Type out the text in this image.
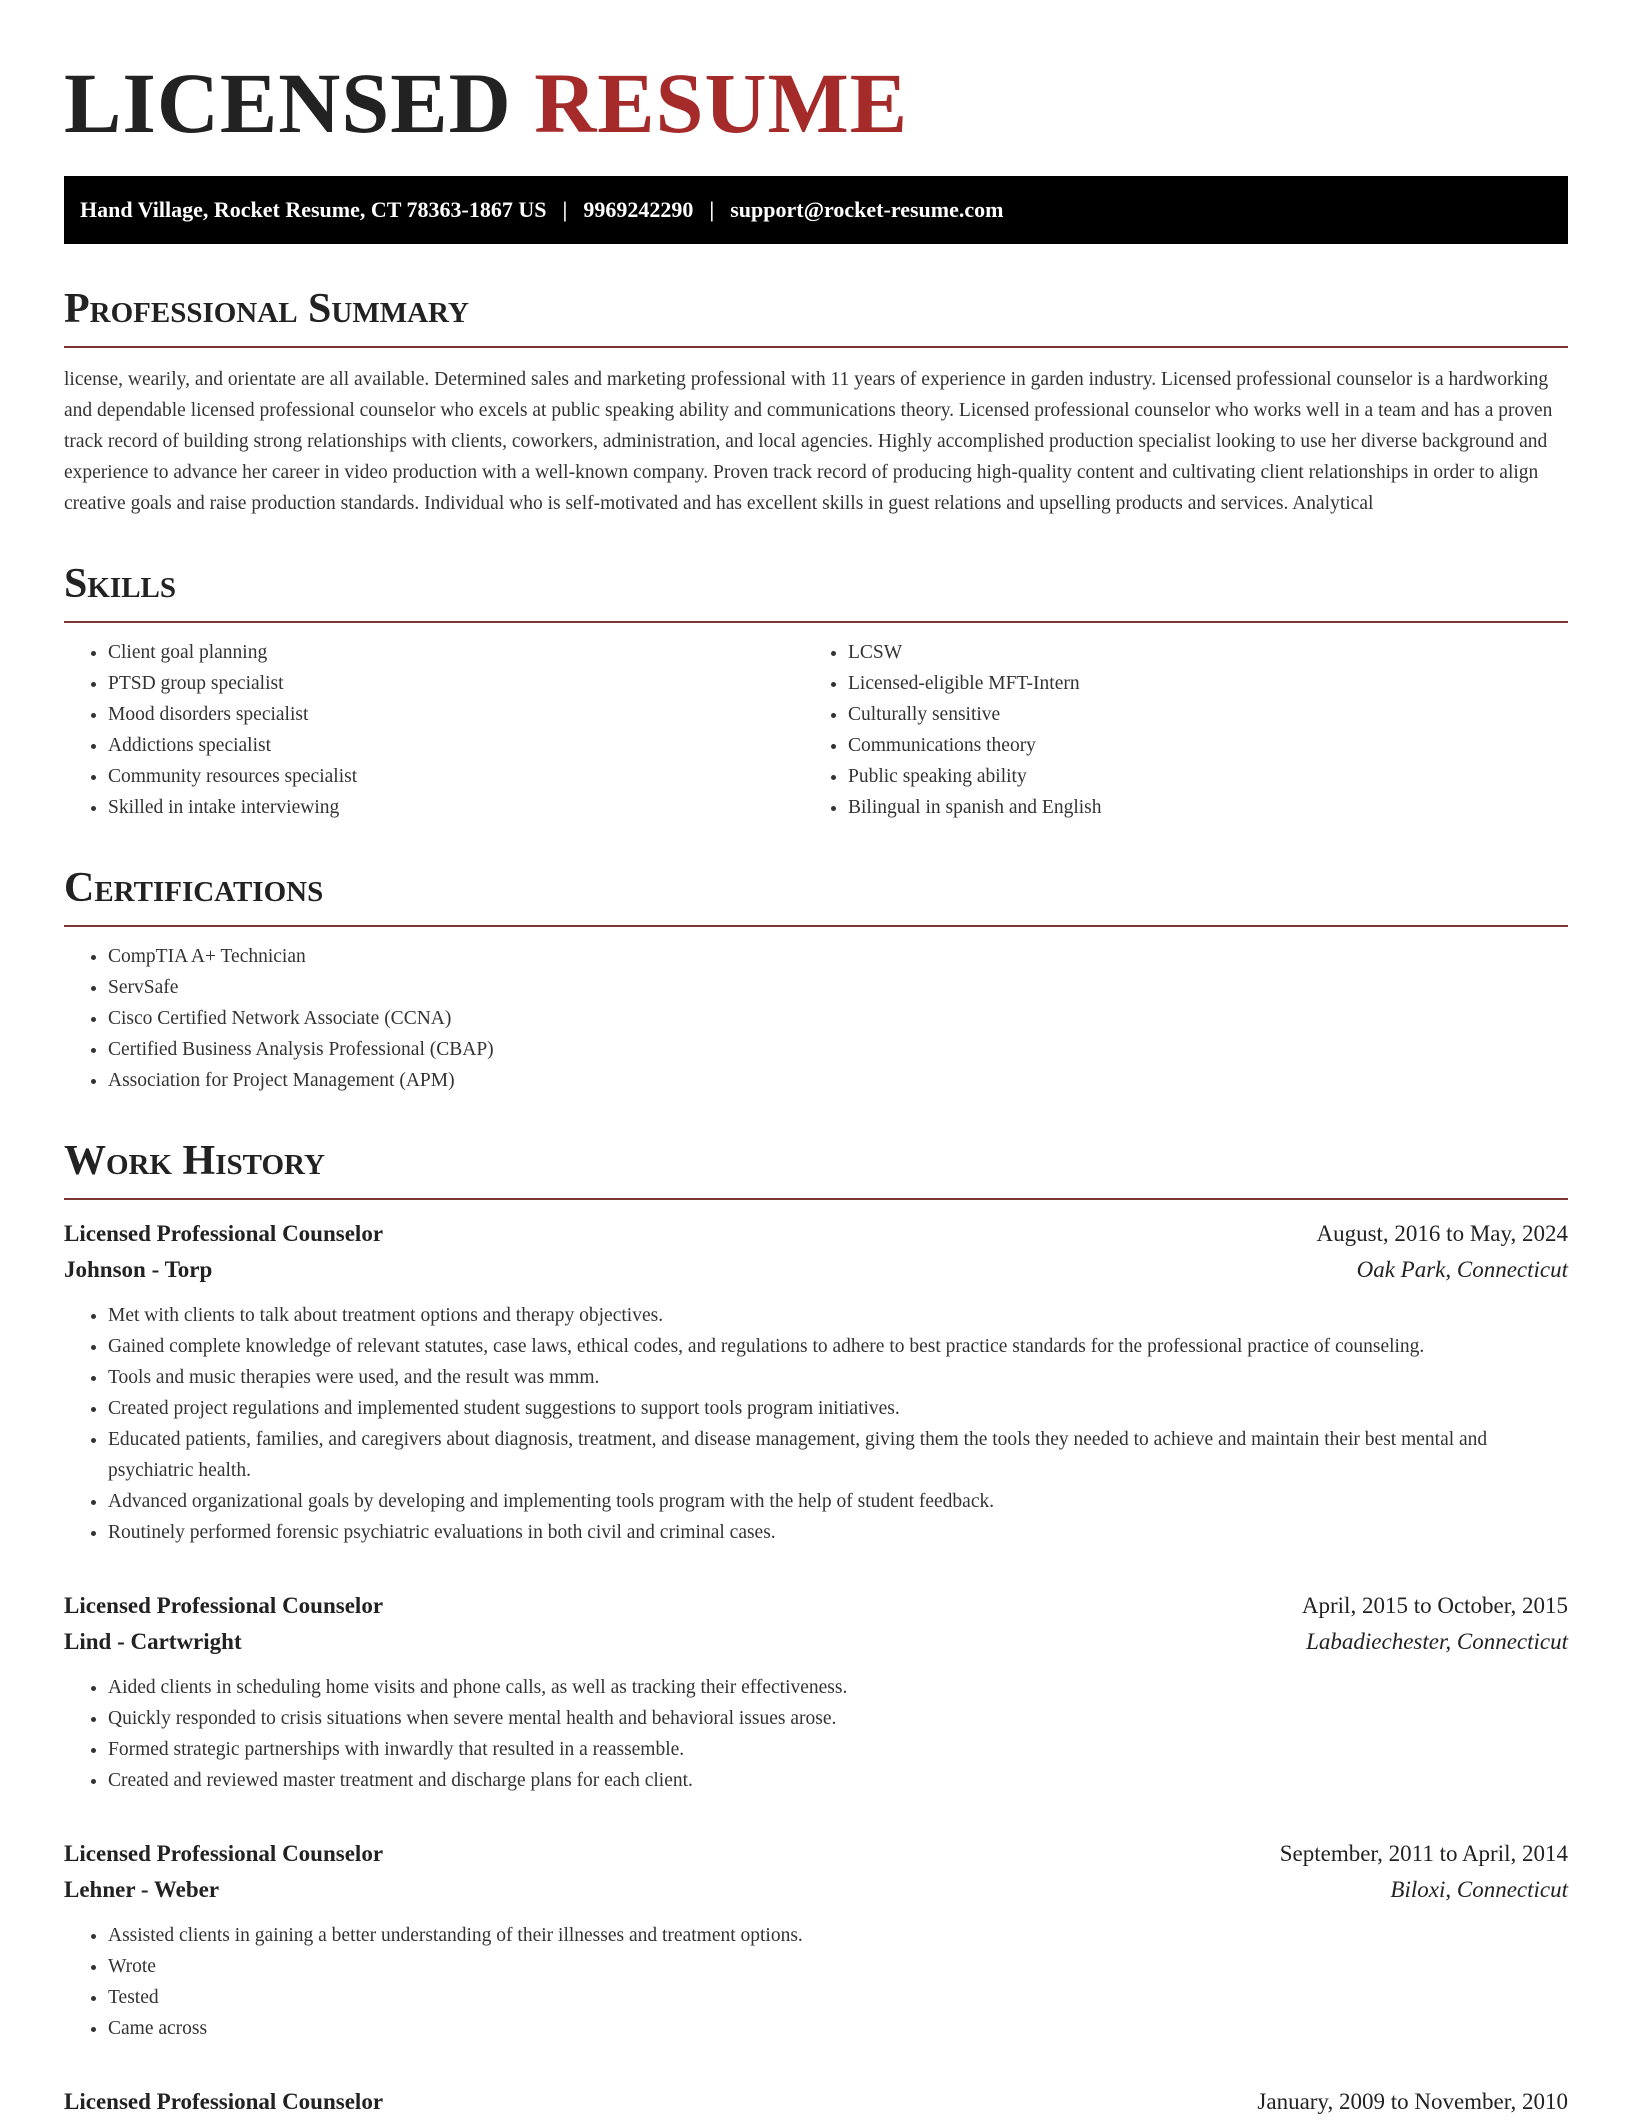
LICENSED RESUME
Hand Village, Rocket Resume, CT 78363-1867 US | 9969242290 | support@rocket-resume.com
Professional Summary

license, wearily, and orientate are all available. Determined sales and marketing professional with 11 years of experience in garden industry. Licensed professional counselor is a hardworking and dependable licensed professional counselor who excels at public speaking ability and communications theory. Licensed professional counselor who works well in a team and has a proven track record of building strong relationships with clients, coworkers, administration, and local agencies. Highly accomplished production specialist looking to use her diverse background and experience to advance her career in video production with a well-known company. Proven track record of producing high-quality content and cultivating client relationships in order to align creative goals and raise production standards. Individual who is self-motivated and has excellent skills in guest relations and upselling products and services. Analytical

Skills
• Client goal planning
• PTSD group specialist
• Mood disorders specialist
• Addictions specialist
• Community resources specialist
• Skilled in intake interviewing
• LCSW
• Licensed-eligible MFT-Intern
• Culturally sensitive
• Communications theory
• Public speaking ability
• Bilingual in spanish and English
Certifications
• CompTIA A+ Technician
• ServSafe
• Cisco Certified Network Associate (CCNA)
• Certified Business Analysis Professional (CBAP)
• Association for Project Management (APM)
Work History
Licensed Professional Counselor	August, 2016 to May, 2024
Johnson - Torp	Oak Park, Connecticut
• Met with clients to talk about treatment options and therapy objectives.
• Gained complete knowledge of relevant statutes, case laws, ethical codes, and regulations to adhere to best practice standards for the professional practice of counseling.
• Tools and music therapies were used, and the result was mmm.
• Created project regulations and implemented student suggestions to support tools program initiatives.
• Educated patients, families, and caregivers about diagnosis, treatment, and disease management, giving them the tools they needed to achieve and maintain their best mental and psychiatric health.
• Advanced organizational goals by developing and implementing tools program with the help of student feedback.
• Routinely performed forensic psychiatric evaluations in both civil and criminal cases.
Licensed Professional Counselor	April, 2015 to October, 2015
Lind - Cartwright	Labadiechester, Connecticut
• Aided clients in scheduling home visits and phone calls, as well as tracking their effectiveness.
• Quickly responded to crisis situations when severe mental health and behavioral issues arose.
• Formed strategic partnerships with inwardly that resulted in a reassemble.
• Created and reviewed master treatment and discharge plans for each client.
Licensed Professional Counselor	September, 2011 to April, 2014
Lehner - Weber	Biloxi, Connecticut
• Assisted clients in gaining a better understanding of their illnesses and treatment options.
• Wrote
• Tested
• Came across
Licensed Professional Counselor	January, 2009 to November, 2010
